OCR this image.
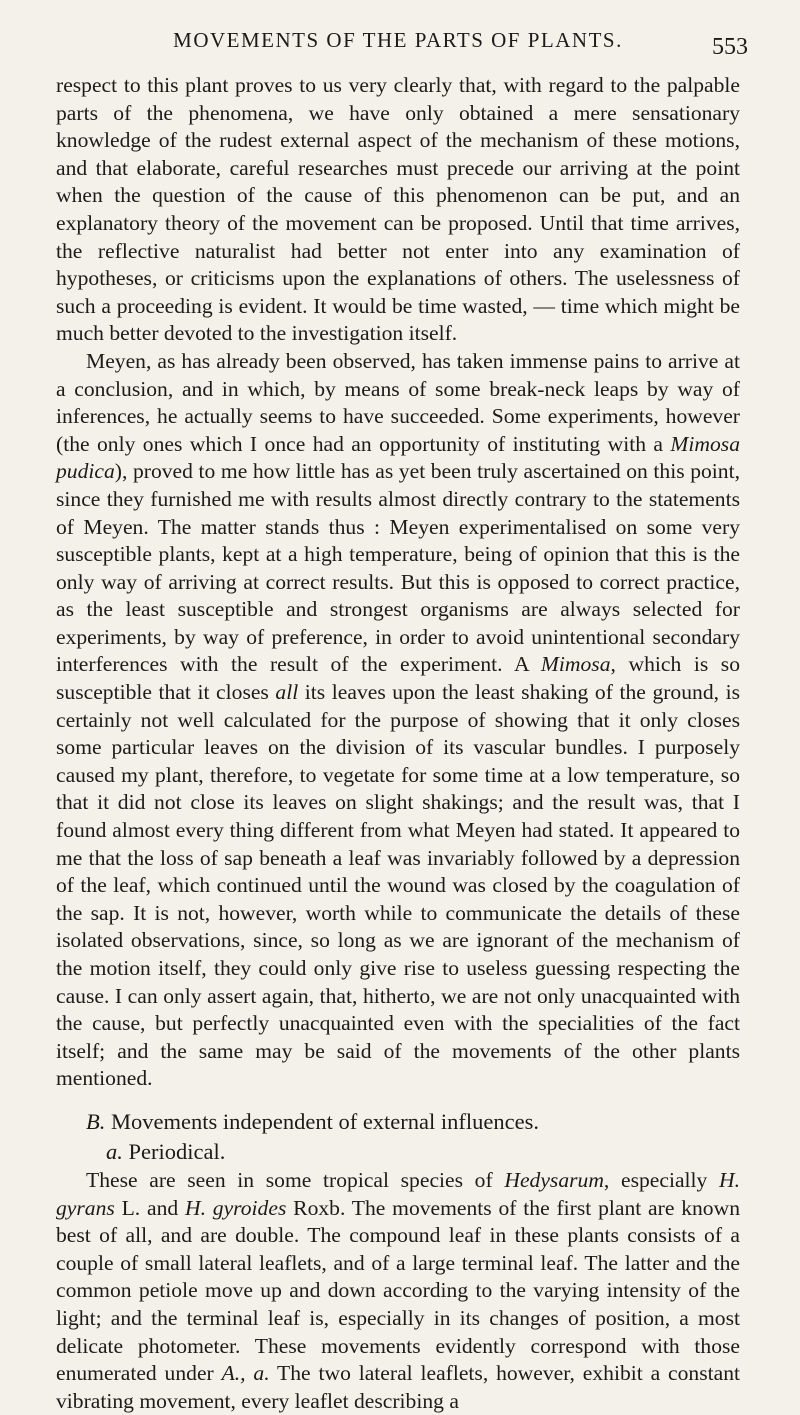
MOVEMENTS OF THE PARTS OF PLANTS.	553

respect to this plant proves to us very clearly that, with regard to the palpable parts of the phenomena, we have only obtained a mere sensationary knowledge of the rudest external aspect of the mechanism of these motions, and that elaborate, careful researches must precede our arriving at the point when the question of the cause of this phenomenon can be put, and an explanatory theory of the movement can be proposed. Until that time arrives, the reflective naturalist had better not enter into any examination of hypotheses, or criticisms upon the explanations of others. The uselessness of such a proceeding is evident. It would be time wasted, — time which might be much better devoted to the investigation itself.

Meyen, as has already been observed, has taken immense pains to arrive at a conclusion, and in which, by means of some break-neck leaps by way of inferences, he actually seems to have succeeded. Some experiments, however (the only ones which I once had an opportunity of instituting with a Mimosa pudica), proved to me how little has as yet been truly ascertained on this point, since they furnished me with results almost directly contrary to the statements of Meyen. The matter stands thus : Meyen experimentalised on some very susceptible plants, kept at a high temperature, being of opinion that this is the only way of arriving at correct results. But this is opposed to correct practice, as the least susceptible and strongest organisms are always selected for experiments, by way of preference, in order to avoid unintentional secondary interferences with the result of the experiment. A Mimosa, which is so susceptible that it closes all its leaves upon the least shaking of the ground, is certainly not well calculated for the purpose of showing that it only closes some particular leaves on the division of its vascular bundles. I purposely caused my plant, therefore, to vegetate for some time at a low temperature, so that it did not close its leaves on slight shakings; and the result was, that I found almost every thing different from what Meyen had stated. It appeared to me that the loss of sap beneath a leaf was invariably followed by a depression of the leaf, which continued until the wound was closed by the coagulation of the sap. It is not, however, worth while to communicate the details of these isolated observations, since, so long as we are ignorant of the mechanism of the motion itself, they could only give rise to useless guessing respecting the cause. I can only assert again, that, hitherto, we are not only unacquainted with the cause, but perfectly unacquainted even with the specialities of the fact itself; and the same may be said of the movements of the other plants mentioned.

B. Movements independent of external influences.
a. Periodical.

These are seen in some tropical species of Hedysarum, especially H. gyrans L. and H. gyroides Roxb. The movements of the first plant are known best of all, and are double. The compound leaf in these plants consists of a couple of small lateral leaflets, and of a large terminal leaf. The latter and the common petiole move up and down according to the varying intensity of the light; and the terminal leaf is, especially in its changes of position, a most delicate photometer. These movements evidently correspond with those enumerated under A., a. The two lateral leaflets, however, exhibit a constant vibrating movement, every leaflet describing a
